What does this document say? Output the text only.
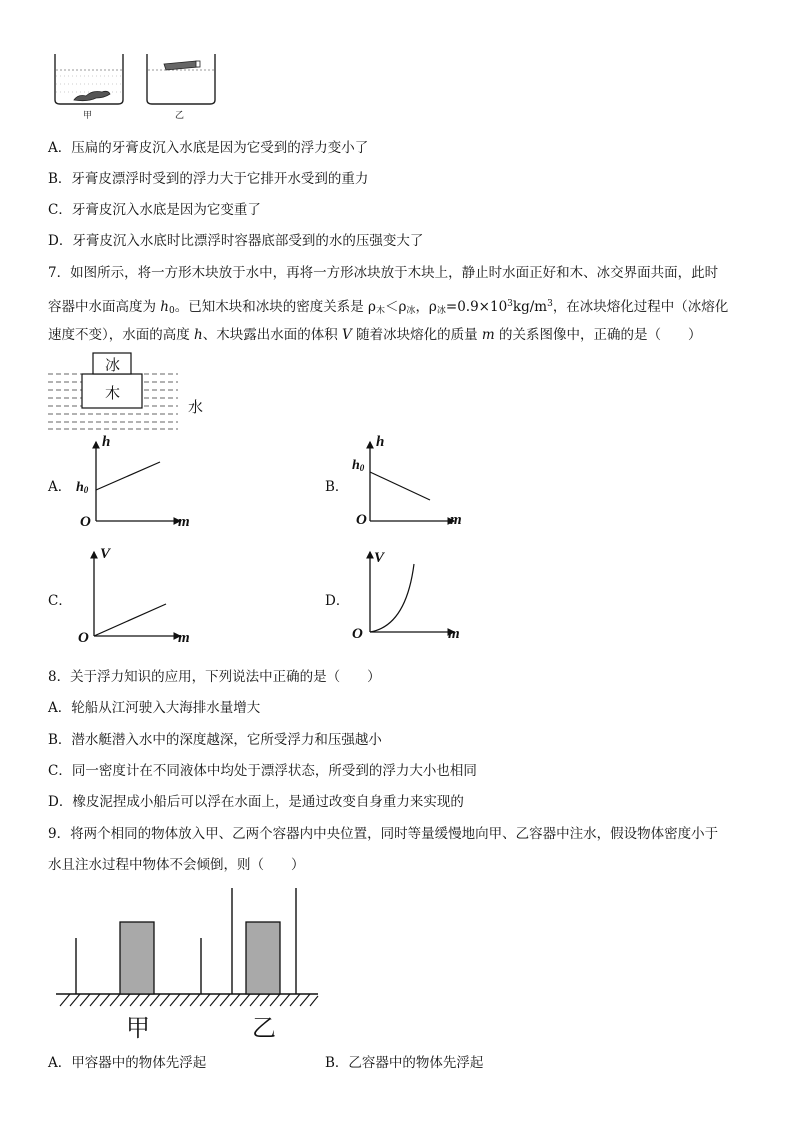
甲	乙
A．压扁的牙膏皮沉入水底是因为它受到的浮力变小了
B．牙膏皮漂浮时受到的浮力大于它排开水受到的重力
C．牙膏皮沉入水底是因为它变重了
D．牙膏皮沉入水底时比漂浮时容器底部受到的水的压强变大了
7．如图所示，将一方形木块放于水中，再将一方形冰块放于木块上，静止时水面正好和木、冰交界面共面，此时
容器中水面高度为 $h_0$。已知木块和冰块的密度关系是 $\rho_木<\rho_冰$，$\rho_冰=0.9\times 10^3kg/m^3$，在冰块熔化过程中（冰熔化
速度不变），水面的高度 h、木块露出水面的体积 V 随着冰块熔化的质量 m 的关系图像中，正确的是（　　）
冰
木
水
A．
h
m
O
$h_0$	B．
h
m
O
$h_0$
C．
V
m
O
D．
V
m
O
8．关于浮力知识的应用，下列说法中正确的是（　　）
A．轮船从江河驶入大海排水量增大
B．潜水艇潜入水中的深度越深，它所受浮力和压强越小
C．同一密度计在不同液体中均处于漂浮状态，所受到的浮力大小也相同
D．橡皮泥捏成小船后可以浮在水面上，是通过改变自身重力来实现的
9．将两个相同的物体放入甲、乙两个容器内中央位置，同时等量缓慢地向甲、乙容器中注水，假设物体密度小于
水且注水过程中物体不会倾倒，则（　　）
甲	乙
A．甲容器中的物体先浮起	B．乙容器中的物体先浮起
